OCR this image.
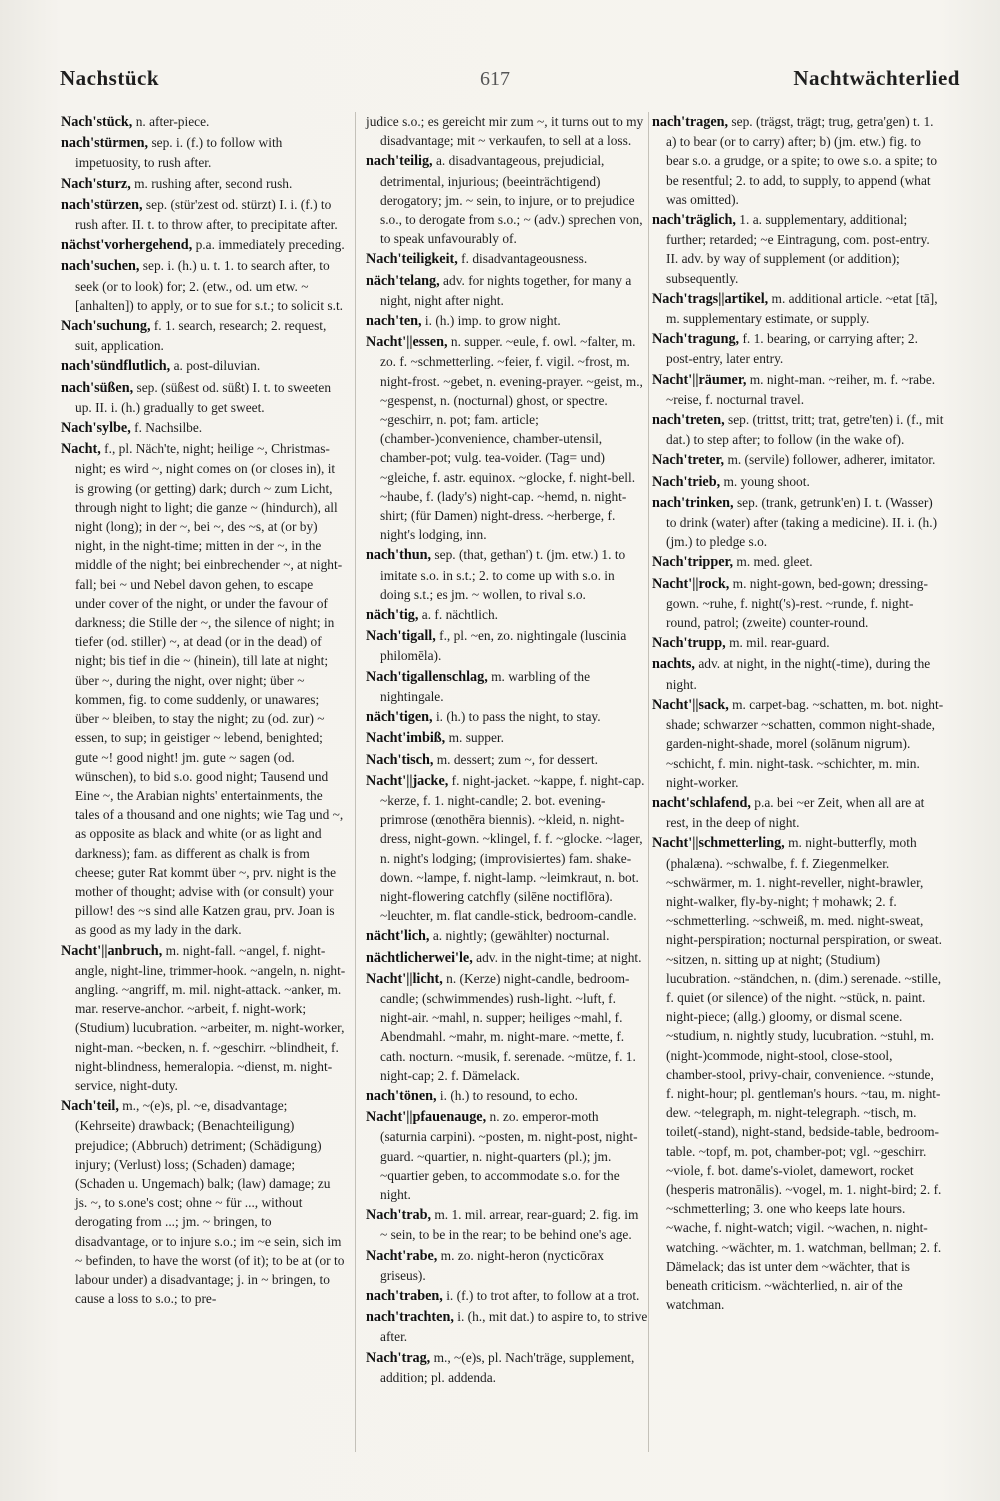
Nachstück	617	Nachtwächterlied

Nach'stück, n. after-piece.

nach'stürmen, sep. i. (f.) to follow with impetuosity, to rush after.

Nach'sturz, m. rushing after, second rush.

nach'stürzen, sep. (stür'zest od. stürzt) I. i. (f.) to rush after. II. t. to throw after, to precipitate after.

nächst'vorhergehend, p.a. immediately preceding.

nach'suchen, sep. i. (h.) u. t. 1. to search after, to seek (or to look) for; 2. (etw., od. um etw. ~ [anhalten]) to apply, or to sue for s.t.; to solicit s.t.

Nach'suchung, f. 1. search, research; 2. request, suit, application.

nach'sündflutlich, a. post-diluvian.

nach'süßen, sep. (süßest od. süßt) I. t. to sweeten up. II. i. (h.) gradually to get sweet.

Nach'sylbe, f. Nachsilbe.

Nacht, f., pl. Näch'te, night; heilige ~, Christmas-night; es wird ~, night comes on (or closes in), it is growing (or getting) dark; durch ~ zum Licht, through night to light; die ganze ~ (hindurch), all night (long); in der ~, bei ~, des ~s, at (or by) night, in the night-time; mitten in der ~, in the middle of the night; bei einbrechender ~, at night-fall; bei ~ und Nebel davon gehen, to escape under cover of the night, or under the favour of darkness; die Stille der ~, the silence of night; in tiefer (od. stiller) ~, at dead (or in the dead) of night; bis tief in die ~ (hinein), till late at night; über ~, during the night, over night; über ~ kommen, fig. to come suddenly, or unawares; über ~ bleiben, to stay the night; zu (od. zur) ~ essen, to sup; in geistiger ~ lebend, benighted; gute ~! good night! jm. gute ~ sagen (od. wünschen), to bid s.o. good night; Tausend und Eine ~, the Arabian nights' entertainments, the tales of a thousand and one nights; wie Tag und ~, as opposite as black and white (or as light and darkness); fam. as different as chalk is from cheese; guter Rat kommt über ~, prv. night is the mother of thought; advise with (or consult) your pillow! des ~s sind alle Katzen grau, prv. Joan is as good as my lady in the dark.

Nacht'||anbruch, m. night-fall. ~angel, f. night-angle, night-line, trimmer-hook. ~angeln, n. night-angling. ~angriff, m. mil. night-attack. ~anker, m. mar. reserve-anchor. ~arbeit, f. night-work; (Studium) lucubration. ~arbeiter, m. night-worker, night-man. ~becken, n. f. ~geschirr. ~blindheit, f. night-blindness, hemeralopia. ~dienst, m. night-service, night-duty.

Nach'teil, m., ~(e)s, pl. ~e, disadvantage; (Kehrseite) drawback; (Benachteiligung) prejudice; (Abbruch) detriment; (Schädigung) injury; (Verlust) loss; (Schaden) damage; (Schaden u. Ungemach) balk; (law) damage; zu js. ~, to s.one's cost; ohne ~ für ..., without derogating from ...; jm. ~ bringen, to disadvantage, or to injure s.o.; im ~e sein, sich im ~ befinden, to have the worst (of it); to be at (or to labour under) a disadvantage; j. in ~ bringen, to cause a loss to s.o.; to pre-

judice s.o.; es gereicht mir zum ~, it turns out to my disadvantage; mit ~ verkaufen, to sell at a loss.

nach'teilig, a. disadvantageous, prejudicial, detrimental, injurious; (beeinträchtigend) derogatory; jm. ~ sein, to injure, or to prejudice s.o., to derogate from s.o.; ~ (adv.) sprechen von, to speak unfavourably of.

Nach'teiligkeit, f. disadvantageousness.

näch'telang, adv. for nights together, for many a night, night after night.

nach'ten, i. (h.) imp. to grow night.

Nacht'||essen, n. supper. ~eule, f. owl. ~falter, m. zo. f. ~schmetterling. ~feier, f. vigil. ~frost, m. night-frost. ~gebet, n. evening-prayer. ~geist, m., ~gespenst, n. (nocturnal) ghost, or spectre. ~geschirr, n. pot; fam. article; (chamber-)convenience, chamber-utensil, chamber-pot; vulg. tea-voider. (Tag= und) ~gleiche, f. astr. equinox. ~glocke, f. night-bell. ~haube, f. (lady's) night-cap. ~hemd, n. night-shirt; (für Damen) night-dress. ~herberge, f. night's lodging, inn.

nach'thun, sep. (that, gethan') t. (jm. etw.) 1. to imitate s.o. in s.t.; 2. to come up with s.o. in doing s.t.; es jm. ~ wollen, to rival s.o.

näch'tig, a. f. nächtlich.

Nach'tigall, f., pl. ~en, zo. nightingale (luscinia philomēla).

Nach'tigallenschlag, m. warbling of the nightingale.

näch'tigen, i. (h.) to pass the night, to stay.

Nacht'imbiß, m. supper.

Nach'tisch, m. dessert; zum ~, for dessert.

Nacht'||jacke, f. night-jacket. ~kappe, f. night-cap. ~kerze, f. 1. night-candle; 2. bot. evening-primrose (œnothēra biennis). ~kleid, n. night-dress, night-gown. ~klingel, f. f. ~glocke. ~lager, n. night's lodging; (improvisiertes) fam. shake-down. ~lampe, f. night-lamp. ~leimkraut, n. bot. night-flowering catchfly (silēne noctiflōra). ~leuchter, m. flat candle-stick, bedroom-candle.

nächt'lich, a. nightly; (gewählter) nocturnal.

nächtlicherwei'le, adv. in the night-time; at night.

Nacht'||licht, n. (Kerze) night-candle, bedroom-candle; (schwimmendes) rush-light. ~luft, f. night-air. ~mahl, n. supper; heiliges ~mahl, f. Abendmahl. ~mahr, m. night-mare. ~mette, f. cath. nocturn. ~musik, f. serenade. ~mütze, f. 1. night-cap; 2. f. Dämelack.

nach'tönen, i. (h.) to resound, to echo.

Nacht'||pfauenauge, n. zo. emperor-moth (saturnia carpini). ~posten, m. night-post, night-guard. ~quartier, n. night-quarters (pl.); jm. ~quartier geben, to accommodate s.o. for the night.

Nach'trab, m. 1. mil. arrear, rear-guard; 2. fig. im ~ sein, to be in the rear; to be behind one's age.

Nacht'rabe, m. zo. night-heron (nycticōrax griseus).

nach'traben, i. (f.) to trot after, to follow at a trot.

nach'trachten, i. (h., mit dat.) to aspire to, to strive after.

Nach'trag, m., ~(e)s, pl. Nach'träge, supplement, addition; pl. addenda.

nach'tragen, sep. (trägst, trägt; trug, getra'gen) t. 1. a) to bear (or to carry) after; b) (jm. etw.) fig. to bear s.o. a grudge, or a spite; to owe s.o. a spite; to be resentful; 2. to add, to supply, to append (what was omitted).

nach'träglich, 1. a. supplementary, additional; further; retarded; ~e Eintragung, com. post-entry. II. adv. by way of supplement (or addition); subsequently.

Nach'trags||artikel, m. additional article. ~etat [tā], m. supplementary estimate, or supply.

Nach'tragung, f. 1. bearing, or carrying after; 2. post-entry, later entry.

Nacht'||räumer, m. night-man. ~reiher, m. f. ~rabe. ~reise, f. nocturnal travel.

nach'treten, sep. (trittst, tritt; trat, getre'ten) i. (f., mit dat.) to step after; to follow (in the wake of).

Nach'treter, m. (servile) follower, adherer, imitator.

Nach'trieb, m. young shoot.

nach'trinken, sep. (trank, getrunk'en) I. t. (Wasser) to drink (water) after (taking a medicine). II. i. (h.) (jm.) to pledge s.o.

Nach'tripper, m. med. gleet.

Nacht'||rock, m. night-gown, bed-gown; dressing-gown. ~ruhe, f. night('s)-rest. ~runde, f. night-round, patrol; (zweite) counter-round.

Nach'trupp, m. mil. rear-guard.

nachts, adv. at night, in the night(-time), during the night.

Nacht'||sack, m. carpet-bag. ~schatten, m. bot. night-shade; schwarzer ~schatten, common night-shade, garden-night-shade, morel (solānum nigrum). ~schicht, f. min. night-task. ~schichter, m. min. night-worker.

nacht'schlafend, p.a. bei ~er Zeit, when all are at rest, in the deep of night.

Nacht'||schmetterling, m. night-butterfly, moth (phalæna). ~schwalbe, f. f. Ziegenmelker. ~schwärmer, m. 1. night-reveller, night-brawler, night-walker, fly-by-night; † mohawk; 2. f. ~schmetterling. ~schweiß, m. med. night-sweat, night-perspiration; nocturnal perspiration, or sweat. ~sitzen, n. sitting up at night; (Studium) lucubration. ~ständchen, n. (dim.) serenade. ~stille, f. quiet (or silence) of the night. ~stück, n. paint. night-piece; (allg.) gloomy, or dismal scene. ~studium, n. nightly study, lucubration. ~stuhl, m. (night-)commode, night-stool, close-stool, chamber-stool, privy-chair, convenience. ~stunde, f. night-hour; pl. gentleman's hours. ~tau, m. night-dew. ~telegraph, m. night-telegraph. ~tisch, m. toilet(-stand), night-stand, bedside-table, bedroom-table. ~topf, m. pot, chamber-pot; vgl. ~geschirr. ~viole, f. bot. dame's-violet, damewort, rocket (hesperis matronālis). ~vogel, m. 1. night-bird; 2. f. ~schmetterling; 3. one who keeps late hours. ~wache, f. night-watch; vigil. ~wachen, n. night-watching. ~wächter, m. 1. watchman, bellman; 2. f. Dämelack; das ist unter dem ~wächter, that is beneath criticism. ~wächterlied, n. air of the watchman.
